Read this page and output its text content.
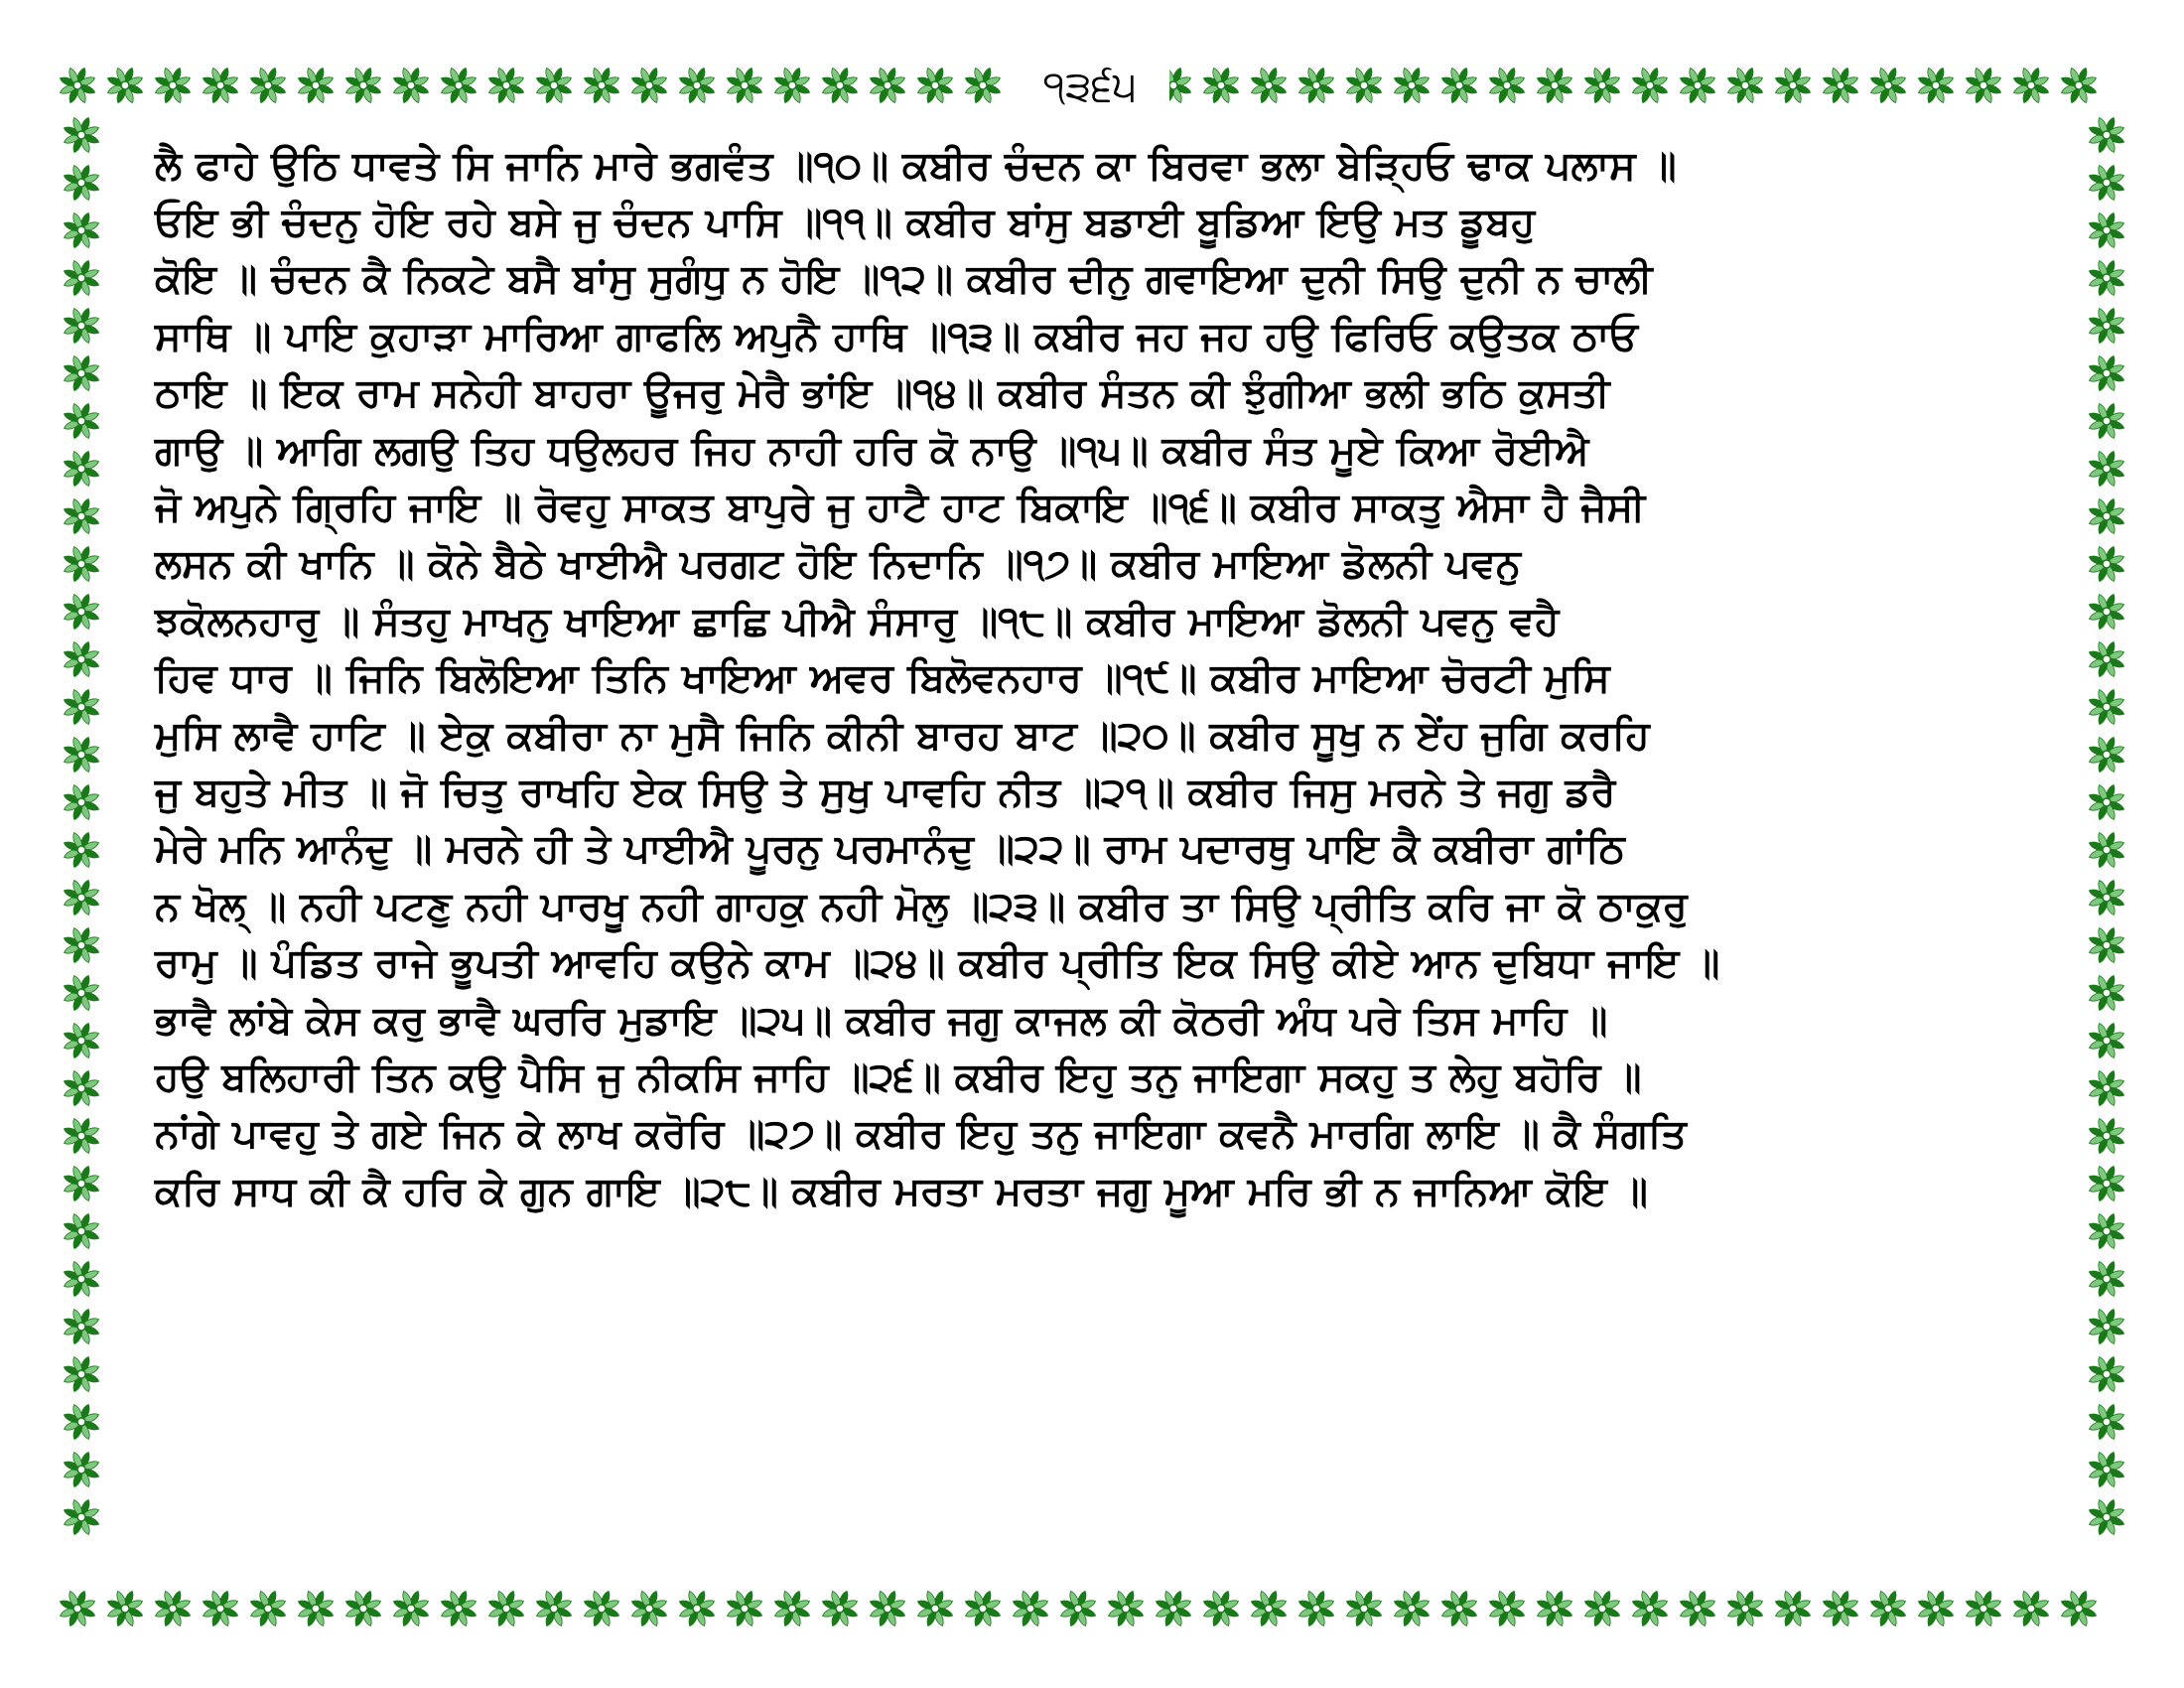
੧੩੬੫
ਲੈ ਫਾਹੇ ਉਠਿ ਧਾਵਤੇ ਸਿ ਜਾਨਿ ਮਾਰੇ ਭਗਵੰਤ ॥੧੦॥ ਕਬੀਰ ਚੰਦਨ ਕਾ ਬਿਰਵਾ ਭਲਾ ਬੇੜ੍ਹਿਓ ਢਾਕ ਪਲਾਸ ॥
ਓਇ ਭੀ ਚੰਦਨੁ ਹੋਇ ਰਹੇ ਬਸੇ ਜੁ ਚੰਦਨ ਪਾਸਿ ॥੧੧॥ ਕਬੀਰ ਬਾਂਸੁ ਬਡਾਈ ਬੂਡਿਆ ਇਉ ਮਤ ਡੂਬਹੁ
ਕੋਇ ॥ ਚੰਦਨ ਕੈ ਨਿਕਟੇ ਬਸੈ ਬਾਂਸੁ ਸੁਗੰਧੁ ਨ ਹੋਇ ॥੧੨॥ ਕਬੀਰ ਦੀਨੁ ਗਵਾਇਆ ਦੁਨੀ ਸਿਉ ਦੁਨੀ ਨ ਚਾਲੀ
ਸਾਥਿ ॥ ਪਾਇ ਕੁਹਾੜਾ ਮਾਰਿਆ ਗਾਫਲਿ ਅਪੁਨੈ ਹਾਥਿ ॥੧੩॥ ਕਬੀਰ ਜਹ ਜਹ ਹਉ ਫਿਰਿਓ ਕਉਤਕ ਠਾਓ
ਠਾਇ ॥ ਇਕ ਰਾਮ ਸਨੇਹੀ ਬਾਹਰਾ ਊਜਰੁ ਮੇਰੈ ਭਾਂਇ ॥੧੪॥ ਕਬੀਰ ਸੰਤਨ ਕੀ ਝੁੰਗੀਆ ਭਲੀ ਭਠਿ ਕੁਸਤੀ
ਗਾਉ ॥ ਆਗਿ ਲਗਉ ਤਿਹ ਧਉਲਹਰ ਜਿਹ ਨਾਹੀ ਹਰਿ ਕੋ ਨਾਉ ॥੧੫॥ ਕਬੀਰ ਸੰਤ ਮੂਏ ਕਿਆ ਰੋਈਐ
ਜੋ ਅਪੁਨੇ ਗ੍ਰਿਹਿ ਜਾਇ ॥ ਰੋਵਹੁ ਸਾਕਤ ਬਾਪੁਰੇ ਜੁ ਹਾਟੈ ਹਾਟ ਬਿਕਾਇ ॥੧੬॥ ਕਬੀਰ ਸਾਕਤੁ ਐਸਾ ਹੈ ਜੈਸੀ
ਲਸਨ ਕੀ ਖਾਨਿ ॥ ਕੋਨੇ ਬੈਠੇ ਖਾਈਐ ਪਰਗਟ ਹੋਇ ਨਿਦਾਨਿ ॥੧੭॥ ਕਬੀਰ ਮਾਇਆ ਡੋਲਨੀ ਪਵਨੁ
ਝਕੋਲਨਹਾਰੁ ॥ ਸੰਤਹੁ ਮਾਖਨੁ ਖਾਇਆ ਛਾਛਿ ਪੀਐ ਸੰਸਾਰੁ ॥੧੮॥ ਕਬੀਰ ਮਾਇਆ ਡੋਲਨੀ ਪਵਨੁ ਵਹੈ
ਹਿਵ ਧਾਰ ॥ ਜਿਨਿ ਬਿਲੋਇਆ ਤਿਨਿ ਖਾਇਆ ਅਵਰ ਬਿਲੋਵਨਹਾਰ ॥੧੯॥ ਕਬੀਰ ਮਾਇਆ ਚੋਰਟੀ ਮੁਸਿ
ਮੁਸਿ ਲਾਵੈ ਹਾਟਿ ॥ ਏਕੁ ਕਬੀਰਾ ਨਾ ਮੁਸੈ ਜਿਨਿ ਕੀਨੀ ਬਾਰਹ ਬਾਟ ॥੨੦॥ ਕਬੀਰ ਸੂਖੁ ਨ ਏਂਹ ਜੁਗਿ ਕਰਹਿ
ਜੁ ਬਹੁਤੇ ਮੀਤ ॥ ਜੋ ਚਿਤੁ ਰਾਖਹਿ ਏਕ ਸਿਉ ਤੇ ਸੁਖੁ ਪਾਵਹਿ ਨੀਤ ॥੨੧॥ ਕਬੀਰ ਜਿਸੁ ਮਰਨੇ ਤੇ ਜਗੁ ਡਰੈ
ਮੇਰੇ ਮਨਿ ਆਨੰਦੁ ॥ ਮਰਨੇ ਹੀ ਤੇ ਪਾਈਐ ਪੂਰਨੁ ਪਰਮਾਨੰਦੁ ॥੨੨॥ ਰਾਮ ਪਦਾਰਥੁ ਪਾਇ ਕੈ ਕਬੀਰਾ ਗਾਂਠਿ
ਨ ਖੋਲ੍ ॥ ਨਹੀ ਪਟਣੁ ਨਹੀ ਪਾਰਖੂ ਨਹੀ ਗਾਹਕੁ ਨਹੀ ਮੋਲੁ ॥੨੩॥ ਕਬੀਰ ਤਾ ਸਿਉ ਪ੍ਰੀਤਿ ਕਰਿ ਜਾ ਕੋ ਠਾਕੁਰੁ
ਰਾਮੁ ॥ ਪੰਡਿਤ ਰਾਜੇ ਭੂਪਤੀ ਆਵਹਿ ਕਉਨੇ ਕਾਮ ॥੨੪॥ ਕਬੀਰ ਪ੍ਰੀਤਿ ਇਕ ਸਿਉ ਕੀਏ ਆਨ ਦੁਬਿਧਾ ਜਾਇ ॥
ਭਾਵੈ ਲਾਂਬੇ ਕੇਸ ਕਰੁ ਭਾਵੈ ਘਰਰਿ ਮੁਡਾਇ ॥੨੫॥ ਕਬੀਰ ਜਗੁ ਕਾਜਲ ਕੀ ਕੋਠਰੀ ਅੰਧ ਪਰੇ ਤਿਸ ਮਾਹਿ ॥
ਹਉ ਬਲਿਹਾਰੀ ਤਿਨ ਕਉ ਪੈਸਿ ਜੁ ਨੀਕਸਿ ਜਾਹਿ ॥੨੬॥ ਕਬੀਰ ਇਹੁ ਤਨੁ ਜਾਇਗਾ ਸਕਹੁ ਤ ਲੇਹੁ ਬਹੋਰਿ ॥
ਨਾਂਗੇ ਪਾਵਹੁ ਤੇ ਗਏ ਜਿਨ ਕੇ ਲਾਖ ਕਰੋਰਿ ॥੨੭॥ ਕਬੀਰ ਇਹੁ ਤਨੁ ਜਾਇਗਾ ਕਵਨੈ ਮਾਰਗਿ ਲਾਇ ॥ ਕੈ ਸੰਗਤਿ
ਕਰਿ ਸਾਧ ਕੀ ਕੈ ਹਰਿ ਕੇ ਗੁਨ ਗਾਇ ॥੨੮॥ ਕਬੀਰ ਮਰਤਾ ਮਰਤਾ ਜਗੁ ਮੂਆ ਮਰਿ ਭੀ ਨ ਜਾਨਿਆ ਕੋਇ ॥
